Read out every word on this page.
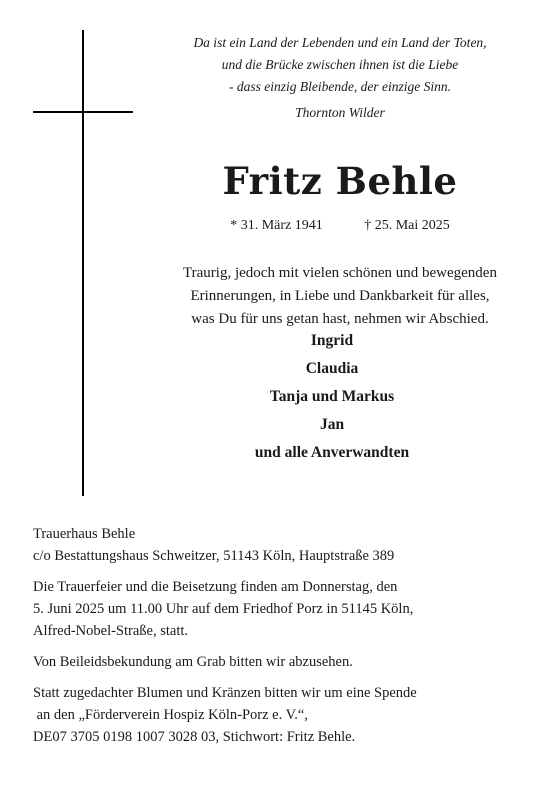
Da ist ein Land der Lebenden und ein Land der Toten,
und die Brücke zwischen ihnen ist die Liebe
- dass einzig Bleibende, der einzige Sinn.
Thornton Wilder
Fritz Behle
* 31. März 1941	† 25. Mai 2025
Traurig, jedoch mit vielen schönen und bewegenden
Erinnerungen, in Liebe und Dankbarkeit für alles,
was Du für uns getan hast, nehmen wir Abschied.
Ingrid
Claudia
Tanja und Markus
Jan
und alle Anverwandten
Trauerhaus Behle
c/o Bestattungshaus Schweitzer, 51143 Köln, Hauptstraße 389
Die Trauerfeier und die Beisetzung finden am Donnerstag, den
5. Juni 2025 um 11.00 Uhr auf dem Friedhof Porz in 51145 Köln,
Alfred-Nobel-Straße, statt.
Von Beileidsbekundung am Grab bitten wir abzusehen.
Statt zugedachter Blumen und Kränzen bitten wir um eine Spende
an den „Förderverein Hospiz Köln-Porz e. V.“,
DE07 3705 0198 1007 3028 03, Stichwort: Fritz Behle.
